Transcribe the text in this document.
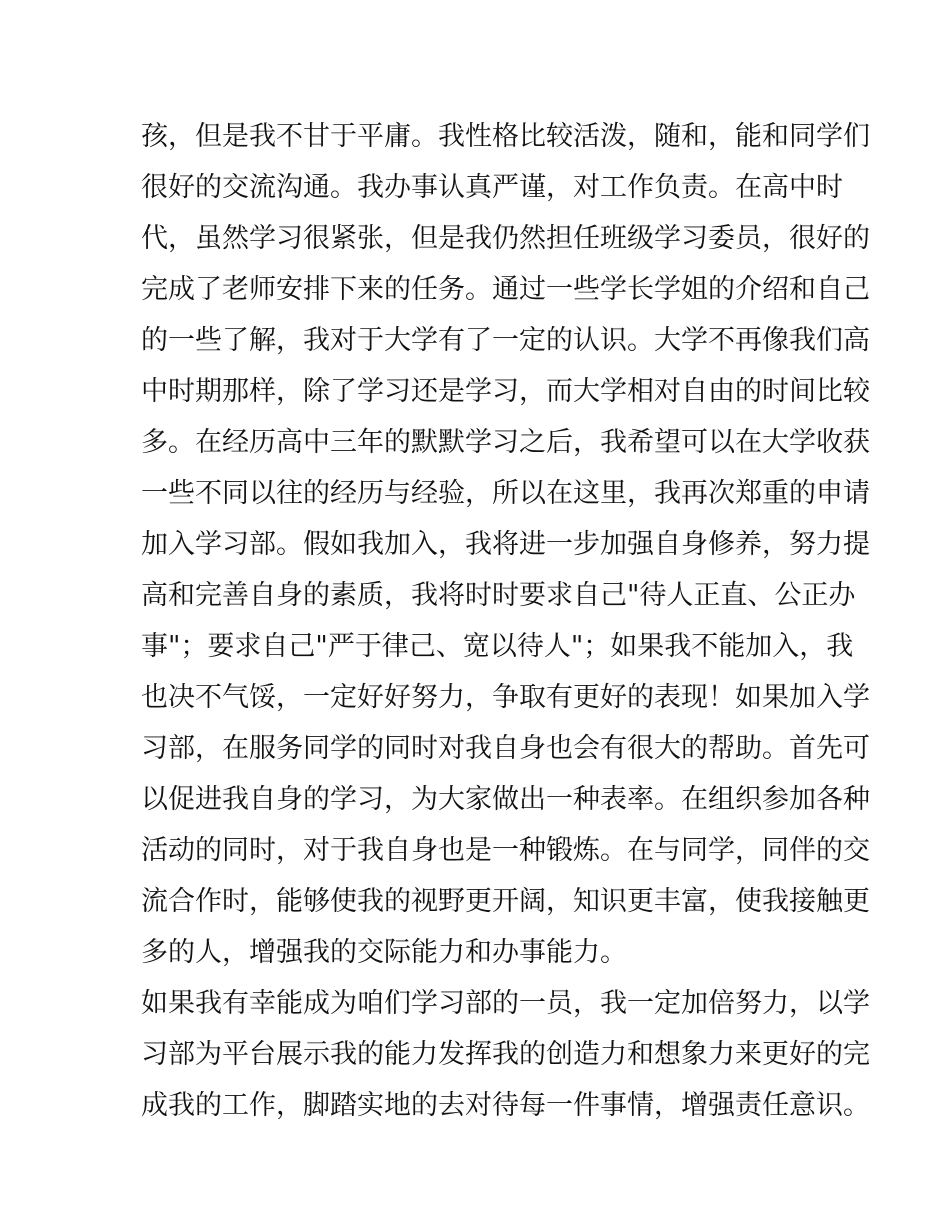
孩，但是我不甘于平庸。我性格比较活泼，随和，能和同学们

很好的交流沟通。我办事认真严谨，对工作负责。在高中时

代，虽然学习很紧张，但是我仍然担任班级学习委员，很好的

完成了老师安排下来的任务。通过一些学长学姐的介绍和自己

的一些了解，我对于大学有了一定的认识。大学不再像我们高

中时期那样，除了学习还是学习，而大学相对自由的时间比较

多。在经历高中三年的默默学习之后，我希望可以在大学收获

一些不同以往的经历与经验，所以在这里，我再次郑重的申请

加入学习部。假如我加入，我将进一步加强自身修养，努力提

高和完善自身的素质，我将时时要求自己"待人正直、公正办

事"；要求自己"严于律己、宽以待人"；如果我不能加入，我

也决不气馁，一定好好努力，争取有更好的表现！如果加入学

习部，在服务同学的同时对我自身也会有很大的帮助。首先可

以促进我自身的学习，为大家做出一种表率。在组织参加各种

活动的同时，对于我自身也是一种锻炼。在与同学，同伴的交

流合作时，能够使我的视野更开阔，知识更丰富，使我接触更

多的人，增强我的交际能力和办事能力。

如果我有幸能成为咱们学习部的一员，我一定加倍努力，以学

习部为平台展示我的能力发挥我的创造力和想象力来更好的完

成我的工作，脚踏实地的去对待每一件事情，增强责任意识。
